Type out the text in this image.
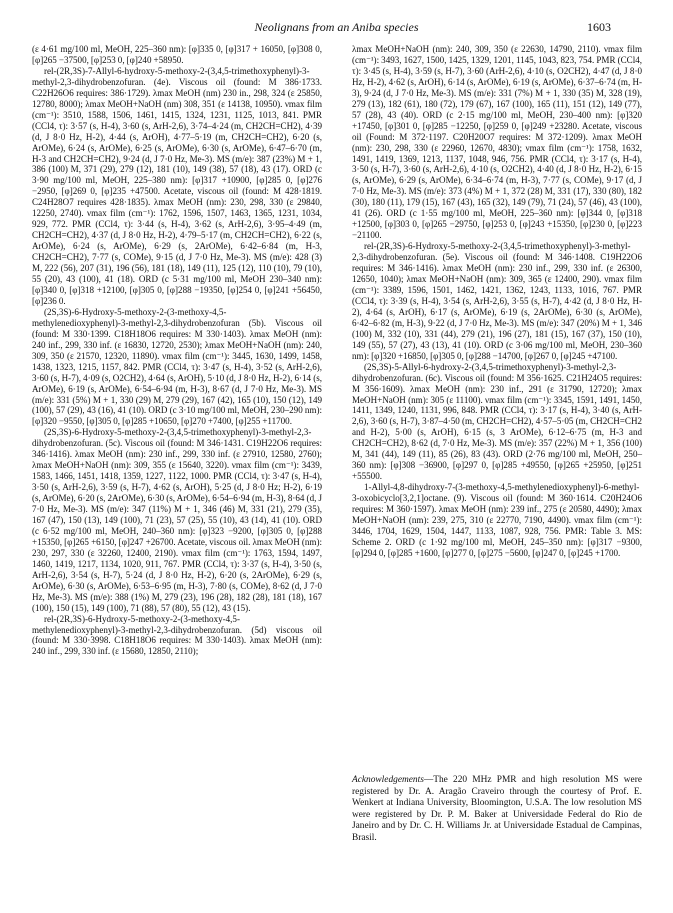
Neolignans from an Aniba species	1603

(ε 4·61 mg/100 ml, MeOH, 225–360 nm): [φ]335 0, [φ]317 + 16050, [φ]308 0, [φ]265 −37500, [φ]253 0, [φ]240 +58950.

rel-(2R,3S)-7-Allyl-6-hydroxy-5-methoxy-2-(3,4,5-trimethoxyphenyl)-3-methyl-2,3-dihydrobenzofuran. (4e). Viscous oil (found: M 386·1733. C22H26O6 requires: 386·1729). λmax MeOH (nm) 230 in., 298, 324 (ε 25850, 12780, 8000); λmax MeOH+NaOH (nm) 308, 351 (ε 14138, 10950). νmax film (cm⁻¹): 3510, 1588, 1506, 1461, 1415, 1324, 1231, 1125, 1013, 841. PMR (CCl4, τ): 3·57 (s, H-4), 3·60 (s, ArH-2,6), 3·74–4·24 (m, CH2CH=CH2), 4·39 (d, J 8·0 Hz, H-2), 4·44 (s, ArOH), 4·77–5·19 (m, CH2CH=CH2), 6·20 (s, ArOMe), 6·24 (s, ArOMe), 6·25 (s, ArOMe), 6·30 (s, ArOMe), 6·47–6·70 (m, H-3 and CH2CH=CH2), 9·24 (d, J 7·0 Hz, Me-3). MS (m/e): 387 (23%) M + 1, 386 (100) M, 371 (29), 279 (12), 181 (10), 149 (38), 57 (18), 43 (17). ORD (c 3·90 mg/100 ml, MeOH, 225–380 nm): [φ]317 +10900, [φ]285 0, [φ]276 −2950, [φ]269 0, [φ]235 +47500. Acetate, viscous oil (found: M 428·1819. C24H28O7 requires 428·1835). λmax MeOH (nm): 230, 298, 330 (ε 29840, 12250, 2740). νmax film (cm⁻¹): 1762, 1596, 1507, 1463, 1365, 1231, 1034, 929, 772. PMR (CCl4, τ): 3·44 (s, H-4), 3·62 (s, ArH-2,6), 3·95–4·49 (m, CH2CH=CH2), 4·37 (d, J 8·0 Hz, H-2), 4·79–5·17 (m, CH2CH=CH2), 6·22 (s, ArOMe), 6·24 (s, ArOMe), 6·29 (s, 2ArOMe), 6·42–6·84 (m, H-3, CH2CH=CH2), 7·77 (s, COMe), 9·15 (d, J 7·0 Hz, Me-3). MS (m/e): 428 (3) M, 222 (56), 207 (31), 196 (56), 181 (18), 149 (11), 125 (12), 110 (10), 79 (10), 55 (20), 43 (100), 41 (18). ORD (c 5·31 mg/100 ml, MeOH 230–340 nm): [φ]340 0, [φ]318 +12100, [φ]305 0, [φ]288 −19350, [φ]254 0, [φ]241 +56450, [φ]236 0.

(2S,3S)-6-Hydroxy-5-methoxy-2-(3-methoxy-4,5-methylenedioxyphenyl)-3-methyl-2,3-dihydrobenzofuran (5b). Viscous oil (found: M 330·1399. C18H18O6 requires: M 330·1403). λmax MeOH (nm): 240 inf., 299, 330 inf. (ε 16830, 12720, 2530); λmax MeOH+NaOH (nm): 240, 309, 350 (ε 21570, 12320, 11890). νmax film (cm⁻¹): 3445, 1630, 1499, 1458, 1438, 1323, 1215, 1157, 842. PMR (CCl4, τ): 3·47 (s, H-4), 3·52 (s, ArH-2,6), 3·60 (s, H-7), 4·09 (s, O2CH2), 4·64 (s, ArOH), 5·10 (d, J 8·0 Hz, H-2), 6·14 (s, ArOMe), 6·19 (s, ArOMe), 6·54–6·94 (m, H-3), 8·67 (d, J 7·0 Hz, Me-3). MS (m/e): 331 (5%) M + 1, 330 (29) M, 279 (29), 167 (42), 165 (10), 150 (12), 149 (100), 57 (29), 43 (16), 41 (10). ORD (c 3·10 mg/100 ml, MeOH, 230–290 nm): [φ]320 −9550, [φ]305 0, [φ]285 +10650, [φ]270 +7400, [φ]255 +11700.

(2S,3S)-6-Hydroxy-5-methoxy-2-(3,4,5-trimethoxyphenyl)-3-methyl-2,3-dihydrobenzofuran. (5c). Viscous oil (found: M 346·1431. C19H22O6 requires: 346·1416). λmax MeOH (nm): 230 inf., 299, 330 inf. (ε 27910, 12580, 2760); λmax MeOH+NaOH (nm): 309, 355 (ε 15640, 3220). νmax film (cm⁻¹): 3439, 1583, 1466, 1451, 1418, 1359, 1227, 1122, 1000. PMR (CCl4, τ): 3·47 (s, H-4), 3·50 (s, ArH-2,6), 3·59 (s, H-7), 4·62 (s, ArOH), 5·25 (d, J 8·0 Hz; H-2), 6·19 (s, ArOMe), 6·20 (s, 2ArOMe), 6·30 (s, ArOMe), 6·54–6·94 (m, H-3), 8·64 (d, J 7·0 Hz, Me-3). MS (m/e): 347 (11%) M + 1, 346 (46) M, 331 (21), 279 (35), 167 (47), 150 (13), 149 (100), 71 (23), 57 (25), 55 (10), 43 (14), 41 (10). ORD (c 6·52 mg/100 ml, MeOH, 240–360 nm): [φ]323 −9200, [φ]305 0, [φ]288 +15350, [φ]265 +6150, [φ]247 +26700. Acetate, viscous oil. λmax MeOH (nm): 230, 297, 330 (ε 32260, 12400, 2190). νmax film (cm⁻¹): 1763, 1594, 1497, 1460, 1419, 1217, 1134, 1020, 911, 767. PMR (CCl4, τ): 3·37 (s, H-4), 3·50 (s, ArH-2,6), 3·54 (s, H-7), 5·24 (d, J 8·0 Hz, H-2), 6·20 (s, 2ArOMe), 6·29 (s, ArOMe), 6·30 (s, ArOMe), 6·53–6·95 (m, H-3), 7·80 (s, COMe), 8·62 (d, J 7·0 Hz, Me-3). MS (m/e): 388 (1%) M, 279 (23), 196 (28), 182 (28), 181 (18), 167 (100), 150 (15), 149 (100), 71 (88), 57 (80), 55 (12), 43 (15).

rel-(2R,3S)-6-Hydroxy-5-methoxy-2-(3-methoxy-4,5-methylenedioxyphenyl)-3-methyl-2,3-dihydrobenzofuran. (5d) viscous oil (found: M 330·3998. C18H18O6 requires: M 330·1403). λmax MeOH (nm): 240 inf., 299, 330 inf. (ε 15680, 12850, 2110);

λmax MeOH+NaOH (nm): 240, 309, 350 (ε 22630, 14790, 2110). νmax film (cm⁻¹): 3493, 1627, 1500, 1425, 1329, 1201, 1145, 1043, 823, 754. PMR (CCl4, τ): 3·45 (s, H-4), 3·59 (s, H-7), 3·60 (ArH-2,6), 4·10 (s, O2CH2), 4·47 (d, J 8·0 Hz, H-2), 4·62 (s, ArOH), 6·14 (s, ArOMe), 6·19 (s, ArOMe), 6·37–6·74 (m, H-3), 9·24 (d, J 7·0 Hz, Me-3). MS (m/e): 331 (7%) M + 1, 330 (35) M, 328 (19), 279 (13), 182 (61), 180 (72), 179 (67), 167 (100), 165 (11), 151 (12), 149 (77), 57 (28), 43 (40). ORD (c 2·15 mg/100 ml, MeOH, 230–400 nm): [φ]320 +17450, [φ]301 0, [φ]285 −12250, [φ]259 0, [φ]249 +23280. Acetate, viscous oil (Found: M 372·1197. C20H20O7 requires: M 372·1209). λmax MeOH (nm): 230, 298, 330 (ε 22960, 12670, 4830); νmax film (cm⁻¹): 1758, 1632, 1491, 1419, 1369, 1213, 1137, 1048, 946, 756. PMR (CCl4, τ): 3·17 (s, H-4), 3·50 (s, H-7), 3·60 (s, ArH-2,6), 4·10 (s, O2CH2), 4·40 (d, J 8·0 Hz, H-2), 6·15 (s, ArOMe), 6·29 (s, ArOMe), 6·34–6·74 (m, H-3), 7·77 (s, COMe), 9·17 (d, J 7·0 Hz, Me-3). MS (m/e): 373 (4%) M + 1, 372 (28) M, 331 (17), 330 (80), 182 (30), 180 (11), 179 (15), 167 (43), 165 (32), 149 (79), 71 (24), 57 (46), 43 (100), 41 (26). ORD (c 1·55 mg/100 ml, MeOH, 225–360 nm): [φ]344 0, [φ]318 +12500, [φ]303 0, [φ]265 −29750, [φ]253 0, [φ]243 +15350, [φ]230 0, [φ]223 −21100.

rel-(2R,3S)-6-Hydroxy-5-methoxy-2-(3,4,5-trimethoxyphenyl)-3-methyl-2,3-dihydrobenzofuran. (5e). Viscous oil (found: M 346·1408. C19H22O6 requires: M 346·1416). λmax MeOH (nm): 230 inf., 299, 330 inf. (ε 26300, 12650, 1040); λmax MeOH+NaOH (nm): 309, 365 (ε 12400, 290). νmax film (cm⁻¹): 3389, 1596, 1501, 1462, 1421, 1362, 1243, 1133, 1016, 767. PMR (CCl4, τ): 3·39 (s, H-4), 3·54 (s, ArH-2,6), 3·55 (s, H-7), 4·42 (d, J 8·0 Hz, H-2), 4·64 (s, ArOH), 6·17 (s, ArOMe), 6·19 (s, 2ArOMe), 6·30 (s, ArOMe), 6·42–6·82 (m, H-3), 9·22 (d, J 7·0 Hz, Me-3). MS (m/e): 347 (20%) M + 1, 346 (100) M, 332 (10), 331 (44), 279 (21), 196 (27), 181 (15), 167 (37), 150 (10), 149 (55), 57 (27), 43 (13), 41 (10). ORD (c 3·06 mg/100 ml, MeOH, 230–360 nm): [φ]320 +16850, [φ]305 0, [φ]288 −14700, [φ]267 0, [φ]245 +47100.

(2S,3S)-5-Allyl-6-hydroxy-2-(3,4,5-trimethoxyphenyl)-3-methyl-2,3-dihydrobenzofuran. (6c). Viscous oil (found: M 356·1625. C21H24O5 requires: M 356·1609). λmax MeOH (nm): 230 inf., 291 (ε 31790, 12720); λmax MeOH+NaOH (nm): 305 (ε 11100). νmax film (cm⁻¹): 3345, 1591, 1491, 1450, 1411, 1349, 1240, 1131, 996, 848. PMR (CCl4, τ): 3·17 (s, H-4), 3·40 (s, ArH-2,6), 3·60 (s, H-7), 3·87–4·50 (m, CH2CH=CH2), 4·57–5·05 (m, CH2CH=CH2 and H-2), 5·00 (s, ArOH), 6·15 (s, 3 ArOMe), 6·12–6·75 (m, H-3 and CH2CH=CH2), 8·62 (d, 7·0 Hz, Me-3). MS (m/e): 357 (22%) M + 1, 356 (100) M, 341 (44), 149 (11), 85 (26), 83 (43). ORD (2·76 mg/100 ml, MeOH, 250–360 nm): [φ]308 −36900, [φ]297 0, [φ]285 +49550, [φ]265 +25950, [φ]251 +55500.

1-Allyl-4,8-dihydroxy-7-(3-methoxy-4,5-methylenedioxyphenyl)-6-methyl-3-oxobicyclo[3,2,1]octane. (9). Viscous oil (found: M 360·1614. C20H24O6 requires: M 360·1597). λmax MeOH (nm): 239 inf., 275 (ε 20580, 4490); λmax MeOH+NaOH (nm): 239, 275, 310 (ε 22770, 7190, 4490). νmax film (cm⁻¹): 3446, 1704, 1629, 1504, 1447, 1133, 1087, 928, 756. PMR: Table 3. MS: Scheme 2. ORD (c 1·92 mg/100 ml, MeOH, 245–350 nm): [φ]317 −9300, [φ]294 0, [φ]285 +1600, [φ]277 0, [φ]275 −5600, [φ]247 0, [φ]245 +1700.

Acknowledgements—The 220 MHz PMR and high resolution MS were registered by Dr. A. Aragão Craveiro through the courtesy of Prof. E. Wenkert at Indiana University, Bloomington, U.S.A. The low resolution MS were registered by Dr. P. M. Baker at Universidade Federal do Rio de Janeiro and by Dr. C. H. Williams Jr. at Universidade Estadual de Campinas, Brasil.
